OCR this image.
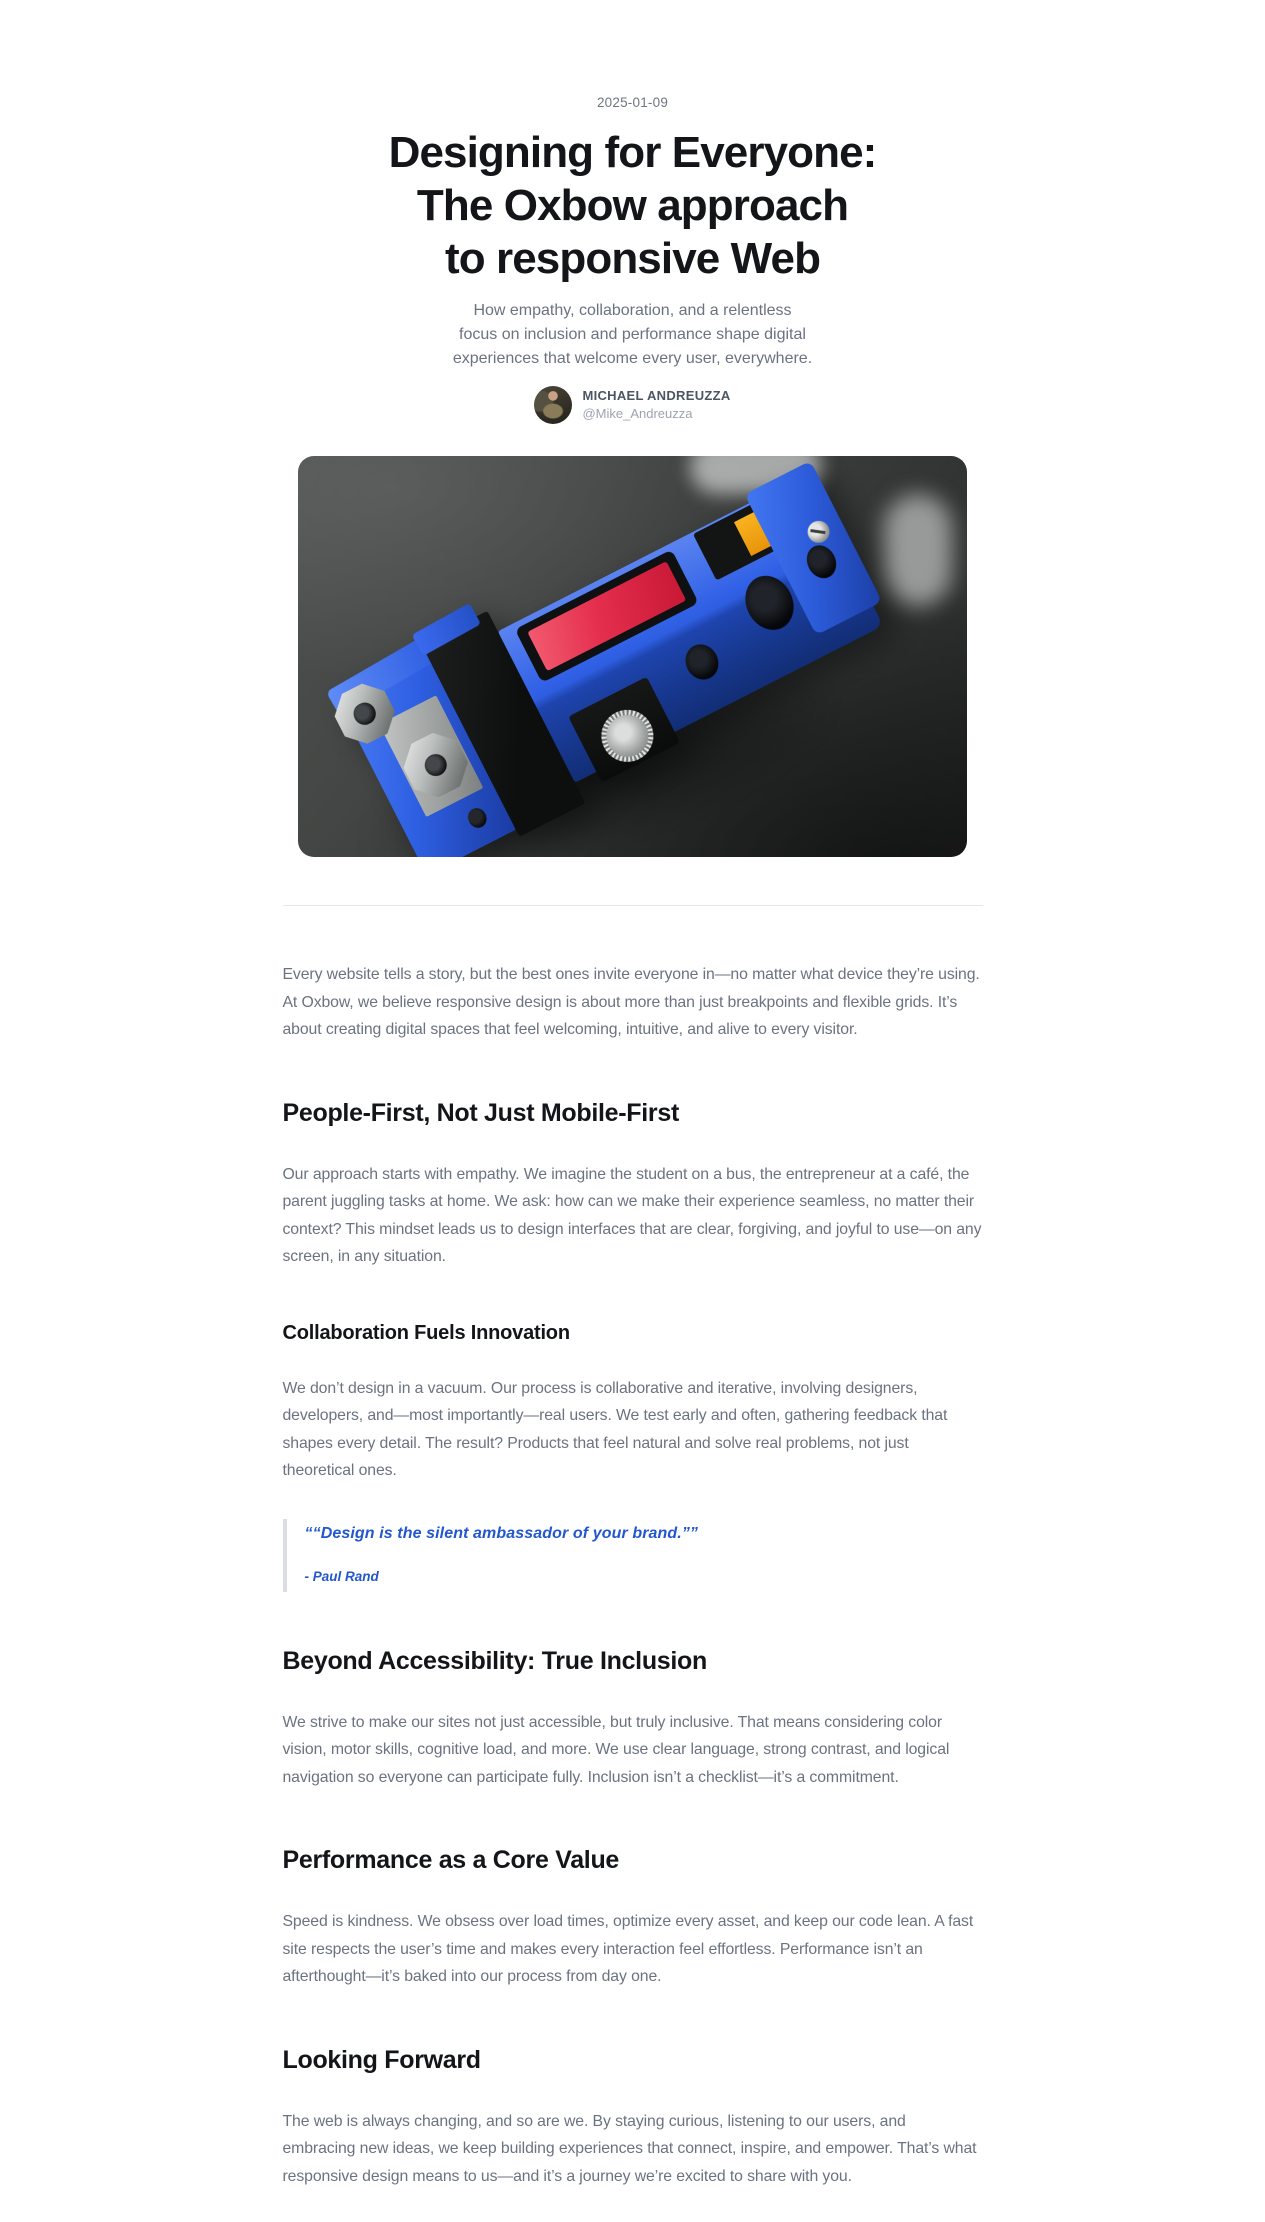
2025-01-09
Designing for Everyone:
The Oxbow approach
to responsive Web

How empathy, collaboration, and a relentless
focus on inclusion and performance shape digital
experiences that welcome every user, everywhere.

MICHAEL ANDREUZZA
@Mike_Andreuzza

Every website tells a story, but the best ones invite everyone in—no matter what device they’re using. At Oxbow, we believe responsive design is about more than just breakpoints and flexible grids. It’s about creating digital spaces that feel welcoming, intuitive, and alive to every visitor.

People-First, Not Just Mobile-First

Our approach starts with empathy. We imagine the student on a bus, the entrepreneur at a café, the parent juggling tasks at home. We ask: how can we make their experience seamless, no matter their context? This mindset leads us to design interfaces that are clear, forgiving, and joyful to use—on any screen, in any situation.

Collaboration Fuels Innovation

We don’t design in a vacuum. Our process is collaborative and iterative, involving designers, developers, and—most importantly—real users. We test early and often, gathering feedback that shapes every detail. The result? Products that feel natural and solve real problems, not just theoretical ones.

““Design is the silent ambassador of your brand.””

- Paul Rand

Beyond Accessibility: True Inclusion

We strive to make our sites not just accessible, but truly inclusive. That means considering color vision, motor skills, cognitive load, and more. We use clear language, strong contrast, and logical navigation so everyone can participate fully. Inclusion isn’t a checklist—it’s a commitment.

Performance as a Core Value

Speed is kindness. We obsess over load times, optimize every asset, and keep our code lean. A fast site respects the user’s time and makes every interaction feel effortless. Performance isn’t an afterthought—it’s baked into our process from day one.

Looking Forward

The web is always changing, and so are we. By staying curious, listening to our users, and embracing new ideas, we keep building experiences that connect, inspire, and empower. That’s what responsive design means to us—and it’s a journey we’re excited to share with you.
